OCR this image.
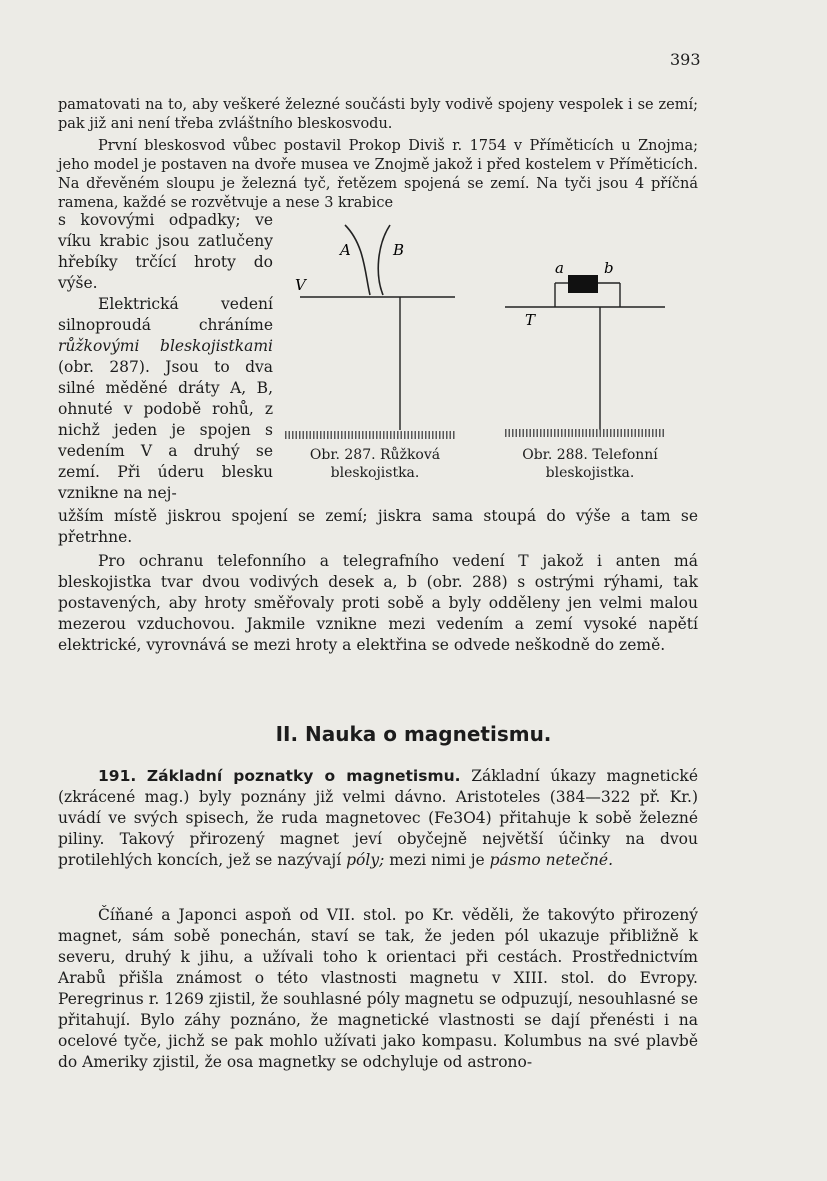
393

pamatovati na to, aby veškeré železné součásti byly vodivě spojeny vespolek i se zemí; pak již ani není třeba zvláštního bleskosvodu.

První bleskosvod vůbec postavil Prokop Diviš r. 1754 v Příměticích u Znojma; jeho model je postaven na dvoře musea ve Znojmě jakož i před kostelem v Příměticích. Na dřevěném sloupu je železná tyč, řetězem spojená se zemí. Na tyči jsou 4 příčná ramena, každé se rozvětvuje a nese 3 krabice

s kovovými odpadky; ve víku krabic jsou zatlučeny hřebíky trčící hroty do výše.

Elektrická vedení silnoproudá chráníme růžkovými bleskojistkami (obr. 287). Jsou to dva silné měděné dráty A, B, ohnuté v podobě rohů, z nichž jeden je spojen s vedením V a druhý se zemí. Při úderu blesku vznikne na nej-

A	B
V
Obr. 287. Růžková
bleskojistka.
a	b
T
Obr. 288. Telefonní
bleskojistka.

užším místě jiskrou spojení se zemí; jiskra sama stoupá do výše a tam se přetrhne.

Pro ochranu telefonního a telegrafního vedení T jakož i anten má bleskojistka tvar dvou vodivých desek a, b (obr. 288) s ostrými rýhami, tak postavených, aby hroty směřovaly proti sobě a byly odděleny jen velmi malou mezerou vzduchovou. Jakmile vznikne mezi vedením a zemí vysoké napětí elektrické, vyrovnává se mezi hroty a elektřina se odvede neškodně do země.

II. Nauka o magnetismu.

191. Základní poznatky o magnetismu. Základní úkazy magnetické (zkrácené mag.) byly poznány již velmi dávno. Aristoteles (384—322 př. Kr.) uvádí ve svých spisech, že ruda magnetovec (Fe3O4) přitahuje k sobě železné piliny. Takový přirozený magnet jeví obyčejně největší účinky na dvou protilehlých koncích, jež se nazývají póly; mezi nimi je pásmo netečné.

Číňané a Japonci aspoň od VII. stol. po Kr. věděli, že takovýto přirozený magnet, sám sobě ponechán, staví se tak, že jeden pól ukazuje přibližně k severu, druhý k jihu, a užívali toho k orientaci při cestách. Prostřednictvím Arabů přišla známost o této vlastnosti magnetu v XIII. stol. do Evropy. Peregrinus r. 1269 zjistil, že souhlasné póly magnetu se odpuzují, nesouhlasné se přitahují. Bylo záhy poznáno, že magnetické vlastnosti se dají přenésti i na ocelové tyče, jichž se pak mohlo užívati jako kompasu. Kolumbus na své plavbě do Ameriky zjistil, že osa magnetky se odchyluje od astrono-
